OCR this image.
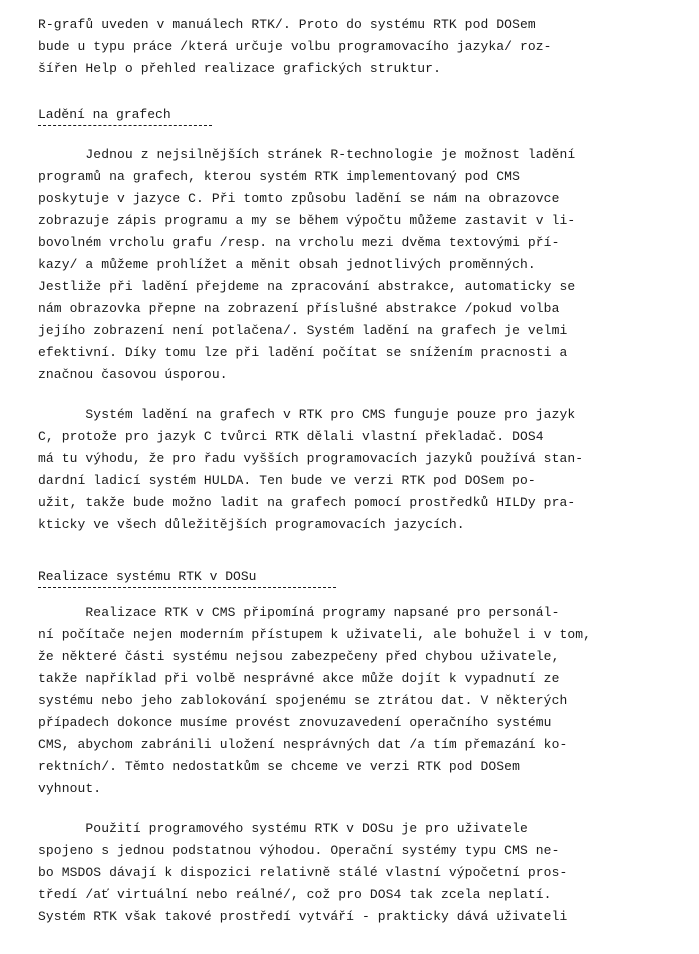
R-grafů uveden v manuálech RTK/. Proto do systému RTK pod DOSem
bude u typu práce /která určuje volbu programovacího jazyka/ roz-
šířen Help o přehled realizace grafických struktur.
Ladění na grafech
Jednou z nejsilnějších stránek R-technologie je možnost ladění
programů na grafech, kterou systém RTK implementovaný pod CMS
poskytuje v jazyce C. Při tomto způsobu ladění se nám na obrazovce
zobrazuje zápis programu a my se během výpočtu můžeme zastavit v li-
bovolném vrcholu grafu /resp. na vrcholu mezi dvěma textovými pří-
kazy/ a můžeme prohlížet a měnit obsah jednotlivých proměnných.
Jestliže při ladění přejdeme na zpracování abstrakce, automaticky se
nám obrazovka přepne na zobrazení příslušné abstrakce /pokud volba
jejího zobrazení není potlačena/. Systém ladění na grafech je velmi
efektivní. Díky tomu lze při ladění počítat se snížením pracnosti a
značnou časovou úsporou.
Systém ladění na grafech v RTK pro CMS funguje pouze pro jazyk
C, protože pro jazyk C tvůrci RTK dělali vlastní překladač. DOS4
má tu výhodu, že pro řadu vyšších programovacích jazyků používá stan-
dardní ladicí systém HULDA. Ten bude ve verzi RTK pod DOSem po-
užit, takže bude možno ladit na grafech pomocí prostředků HILDy pra-
kticky ve všech důležitějších programovacích jazycích.
Realizace systému RTK v DOSu
Realizace RTK v CMS připomíná programy napsané pro personál-
ní počítače nejen moderním přístupem k uživateli, ale bohužel i v tom,
že některé části systému nejsou zabezpečeny před chybou uživatele,
takže například při volbě nesprávné akce může dojít k vypadnutí ze
systému nebo jeho zablokování spojenému se ztrátou dat. V některých
případech dokonce musíme provést znovuzavedení operačního systému
CMS, abychom zabránili uložení nesprávných dat /a tím přemazání ko-
rektních/. Těmto nedostatkům se chceme ve verzi RTK pod DOSem
vyhnout.
Použití programového systému RTK v DOSu je pro uživatele
spojeno s jednou podstatnou výhodou. Operační systémy typu CMS ne-
bo MSDOS dávají k dispozici relativně stálé vlastní výpočetní pros-
tředí /ať virtuální nebo reálné/, což pro DOS4 tak zcela neplatí.
Systém RTK však takové prostředí vytváří - prakticky dává uživateli
